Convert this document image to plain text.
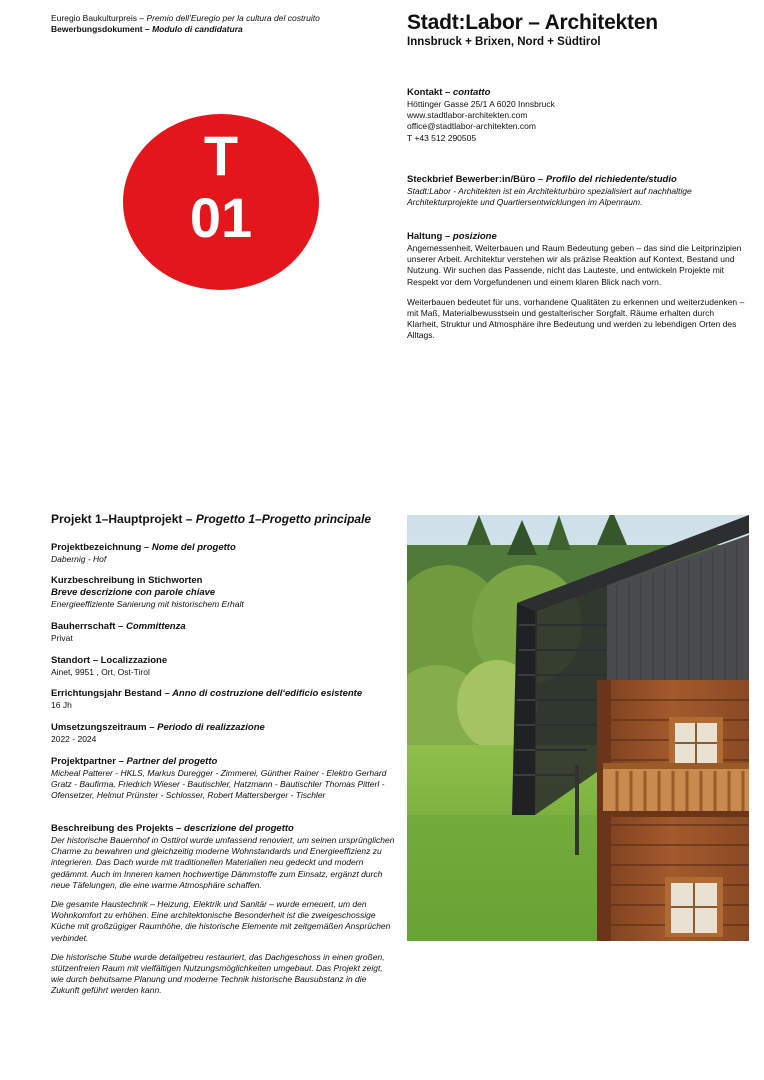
Euregio Baukulturpreis – Premio dell’Euregio per la cultura del costruito
Bewerbungsdokument – Modulo di candidatura	Stadt:Labor – Architekten
Innsbruck + Brixen, Nord + Südtirol
T
01
Kontakt – contatto
Höttinger Gasse 25/1 A 6020 Innsbruck
www.stadtlabor-architekten.com
office@stadtlabor-architekten.com
T +43 512 290505
Steckbrief Bewerber:in/Büro – Profilo del richiedente/studio
Stadt:Labor - Architekten ist ein Architekturbüro spezialisiert auf nachhaltige Architekturprojekte und Quartiersentwicklungen im Alpenraum.
Haltung – posizione
Angemessenheit, Weiterbauen und Raum Bedeutung geben – das sind die Leitprinzipien unserer Arbeit. Architektur verstehen wir als präzise Reaktion auf Kontext, Bestand und Nutzung. Wir suchen das Passende, nicht das Lauteste, und entwickeln Projekte mit Respekt vor dem Vorgefundenen und einem klaren Blick nach vorn.
Weiterbauen bedeutet für uns, vorhandene Qualitäten zu erkennen und weiterzudenken – mit Maß, Materialbewusstsein und gestalterischer Sorgfalt. Räume erhalten durch Klarheit, Struktur und Atmosphäre ihre Bedeutung und werden zu lebendigen Orten des Alltags.
Projekt 1–Hauptprojekt – Progetto 1–Progetto principale
Projektbezeichnung – Nome del progetto
Dabernig - Hof
Kurzbeschreibung in Stichworten
Breve descrizione con parole chiave
Energieeffiziente Sanierung mit historischem Erhalt
Bauherrschaft – Committenza
Privat
Standort – Localizzazione
Ainet, 9951 , Ort, Ost-Tirol
Errichtungsjahr Bestand – Anno di costruzione dell‘edificio esistente
16 Jh
Umsetzungszeitraum – Periodo di realizzazione
2022 - 2024
Projektpartner – Partner del progetto
Micheal Patterer - HKLS, Markus Duregger - Zimmerei, Günther Rainer - Elektro Gerhard Gratz - Baufirma, Friedrich Wieser - Bautischler, Hatzmann - Bautischler Thomas Pitterl - Ofensetzer, Helmut Prünster - Schlosser, Robert Mattersberger - Tischler
Beschreibung des Projekts – descrizione del progetto

Der historische Bauernhof in Osttirol wurde umfassend renoviert, um seinen ursprünglichen Charme zu bewahren und gleichzeitig moderne Wohnstandards und Energieeffizienz zu integrieren. Das Dach wurde mit traditionellen Materialien neu gedeckt und modern gedämmt. Auch im Inneren kamen hochwertige Dämmstoffe zum Einsatz, ergänzt durch neue Täfelungen, die eine warme Atmosphäre schaffen.

Die gesamte Haustechnik – Heizung, Elektrik und Sanitär – wurde erneuert, um den Wohnkomfort zu erhöhen. Eine architektonische Besonderheit ist die zweigeschossige Küche mit großzügiger Raumhöhe, die historische Elemente mit zeitgemäßen Ansprüchen verbindet.

Die historische Stube wurde detailgetreu restauriert, das Dachgeschoss in einen großen, stützenfreien Raum mit vielfältigen Nutzungsmöglichkeiten umgebaut. Das Projekt zeigt, wie durch behutsame Planung und moderne Technik historische Bausubstanz in die Zukunft geführt werden kann.
